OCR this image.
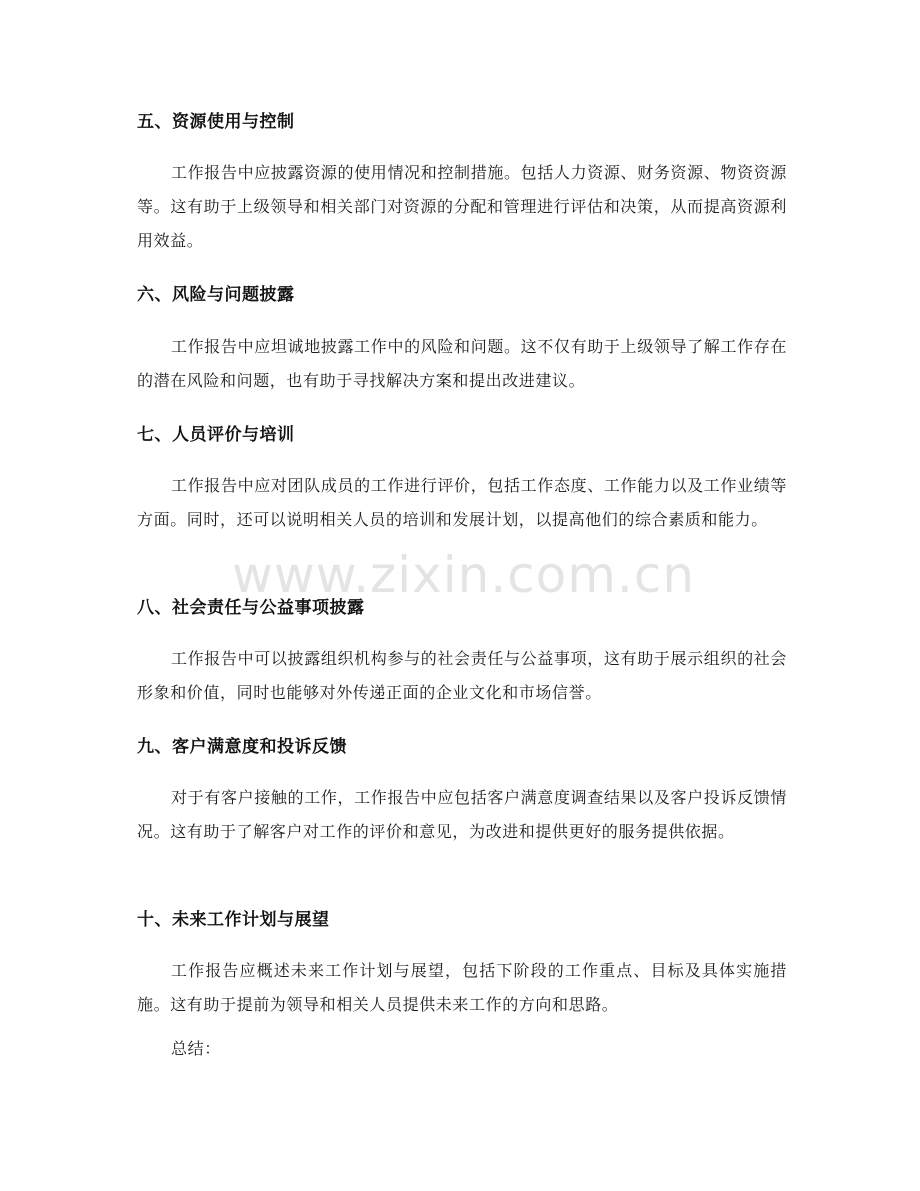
五、资源使用与控制
工作报告中应披露资源的使用情况和控制措施。包括人力资源、财务资源、物资资源等。这有助于上级领导和相关部门对资源的分配和管理进行评估和决策，从而提高资源利用效益。
六、风险与问题披露
工作报告中应坦诚地披露工作中的风险和问题。这不仅有助于上级领导了解工作存在的潜在风险和问题，也有助于寻找解决方案和提出改进建议。
七、人员评价与培训
工作报告中应对团队成员的工作进行评价，包括工作态度、工作能力以及工作业绩等方面。同时，还可以说明相关人员的培训和发展计划，以提高他们的综合素质和能力。
八、社会责任与公益事项披露
工作报告中可以披露组织机构参与的社会责任与公益事项，这有助于展示组织的社会形象和价值，同时也能够对外传递正面的企业文化和市场信誉。
九、客户满意度和投诉反馈
对于有客户接触的工作，工作报告中应包括客户满意度调查结果以及客户投诉反馈情况。这有助于了解客户对工作的评价和意见，为改进和提供更好的服务提供依据。
十、未来工作计划与展望
工作报告应概述未来工作计划与展望，包括下阶段的工作重点、目标及具体实施措施。这有助于提前为领导和相关人员提供未来工作的方向和思路。
总结：
www.zixin.com.cn
